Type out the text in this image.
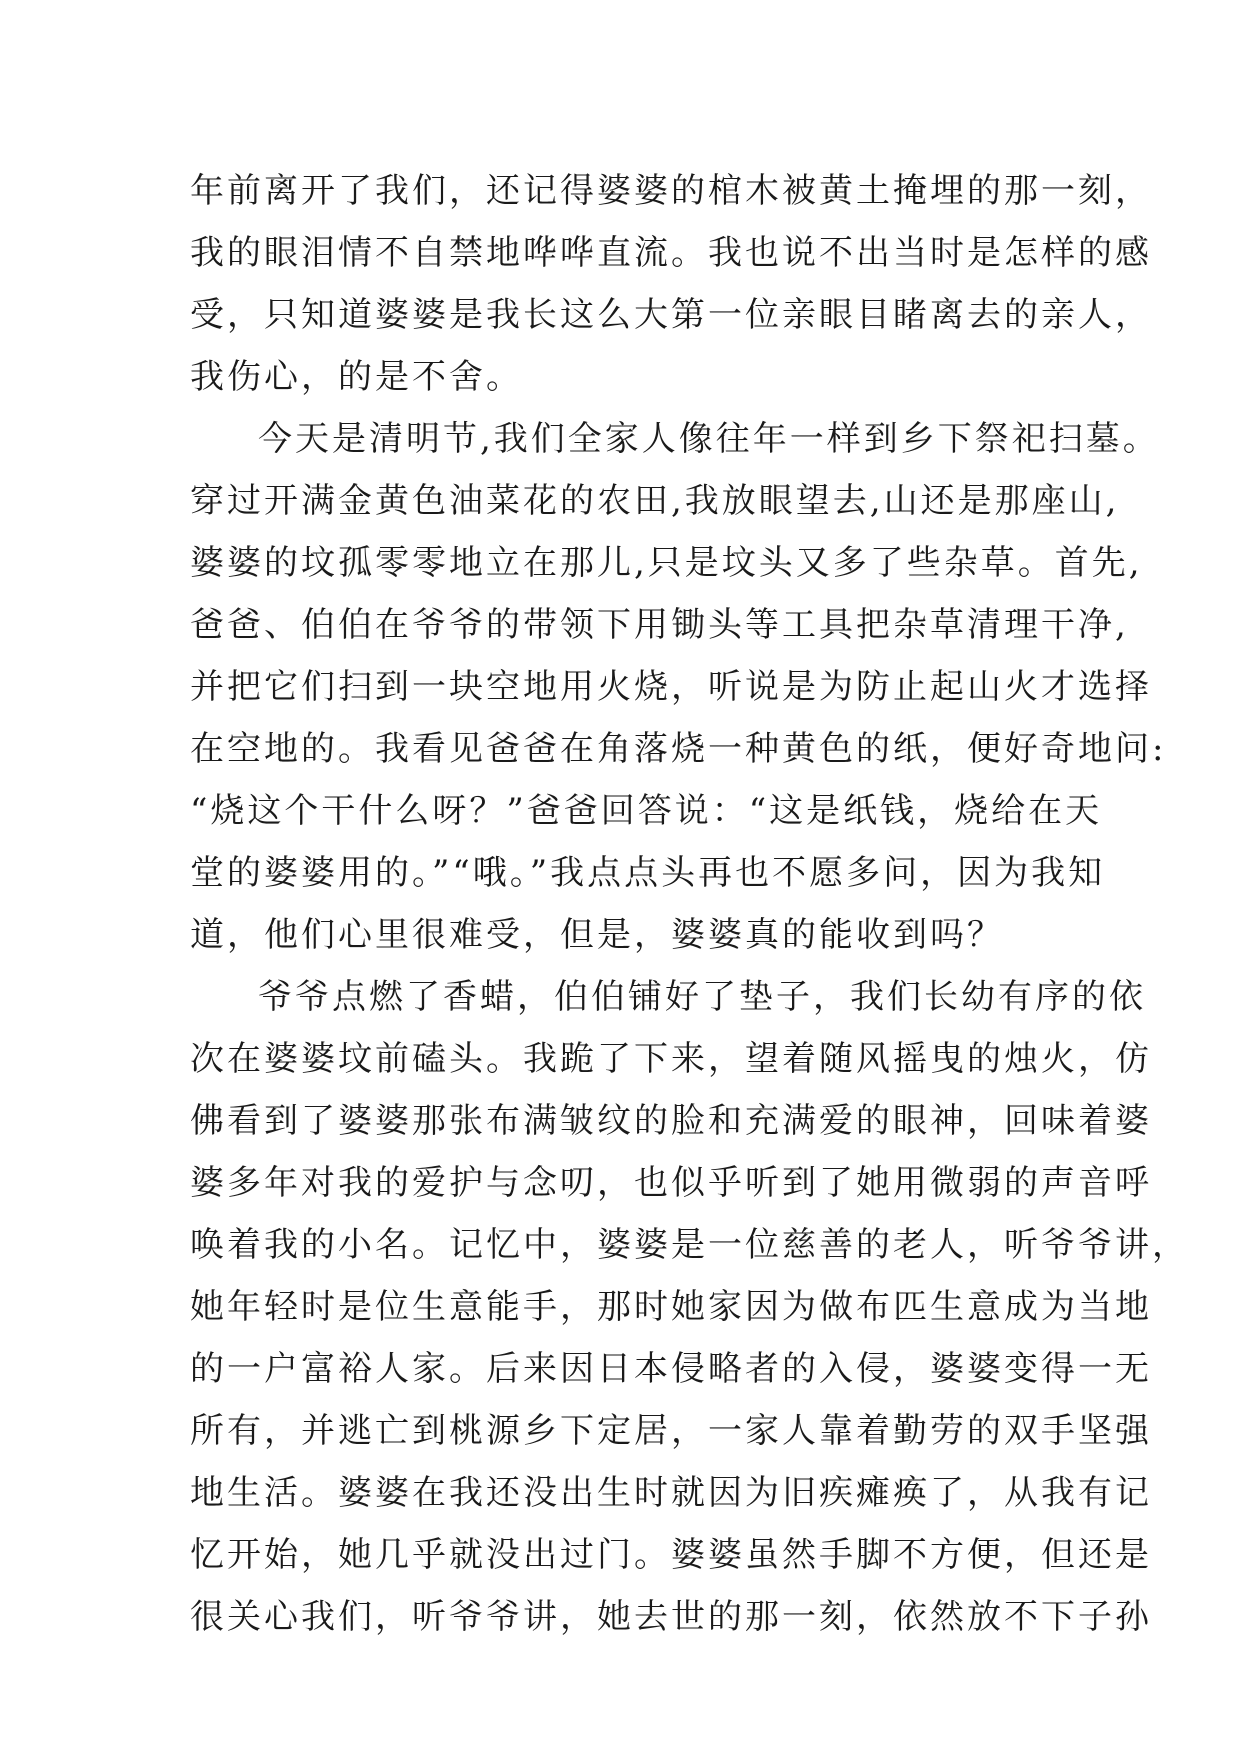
年前离开了我们，还记得婆婆的棺木被黄土掩埋的那一刻，
我的眼泪情不自禁地哗哗直流。我也说不出当时是怎样的感
受，只知道婆婆是我长这么大第一位亲眼目睹离去的亲人，
我伤心，的是不舍。
今天是清明节,我们全家人像往年一样到乡下祭祀扫墓。
穿过开满金黄色油菜花的农田,我放眼望去,山还是那座山,
婆婆的坟孤零零地立在那儿,只是坟头又多了些杂草。首先,
爸爸、伯伯在爷爷的带领下用锄头等工具把杂草清理干净,
并把它们扫到一块空地用火烧，听说是为防止起山火才选择
在空地的。我看见爸爸在角落烧一种黄色的纸，便好奇地问:
“烧这个干什么呀？”爸爸回答说：“这是纸钱，烧给在天
堂的婆婆用的。”“哦。”我点点头再也不愿多问，因为我知
道，他们心里很难受，但是，婆婆真的能收到吗？
爷爷点燃了香蜡，伯伯铺好了垫子，我们长幼有序的依
次在婆婆坟前磕头。我跪了下来，望着随风摇曳的烛火，仿
佛看到了婆婆那张布满皱纹的脸和充满爱的眼神，回味着婆
婆多年对我的爱护与念叨，也似乎听到了她用微弱的声音呼
唤着我的小名。记忆中，婆婆是一位慈善的老人，听爷爷讲，
她年轻时是位生意能手，那时她家因为做布匹生意成为当地
的一户富裕人家。后来因日本侵略者的入侵，婆婆变得一无
所有，并逃亡到桃源乡下定居，一家人靠着勤劳的双手坚强
地生活。婆婆在我还没出生时就因为旧疾瘫痪了，从我有记
忆开始，她几乎就没出过门。婆婆虽然手脚不方便，但还是
很关心我们，听爷爷讲，她去世的那一刻，依然放不下子孙
